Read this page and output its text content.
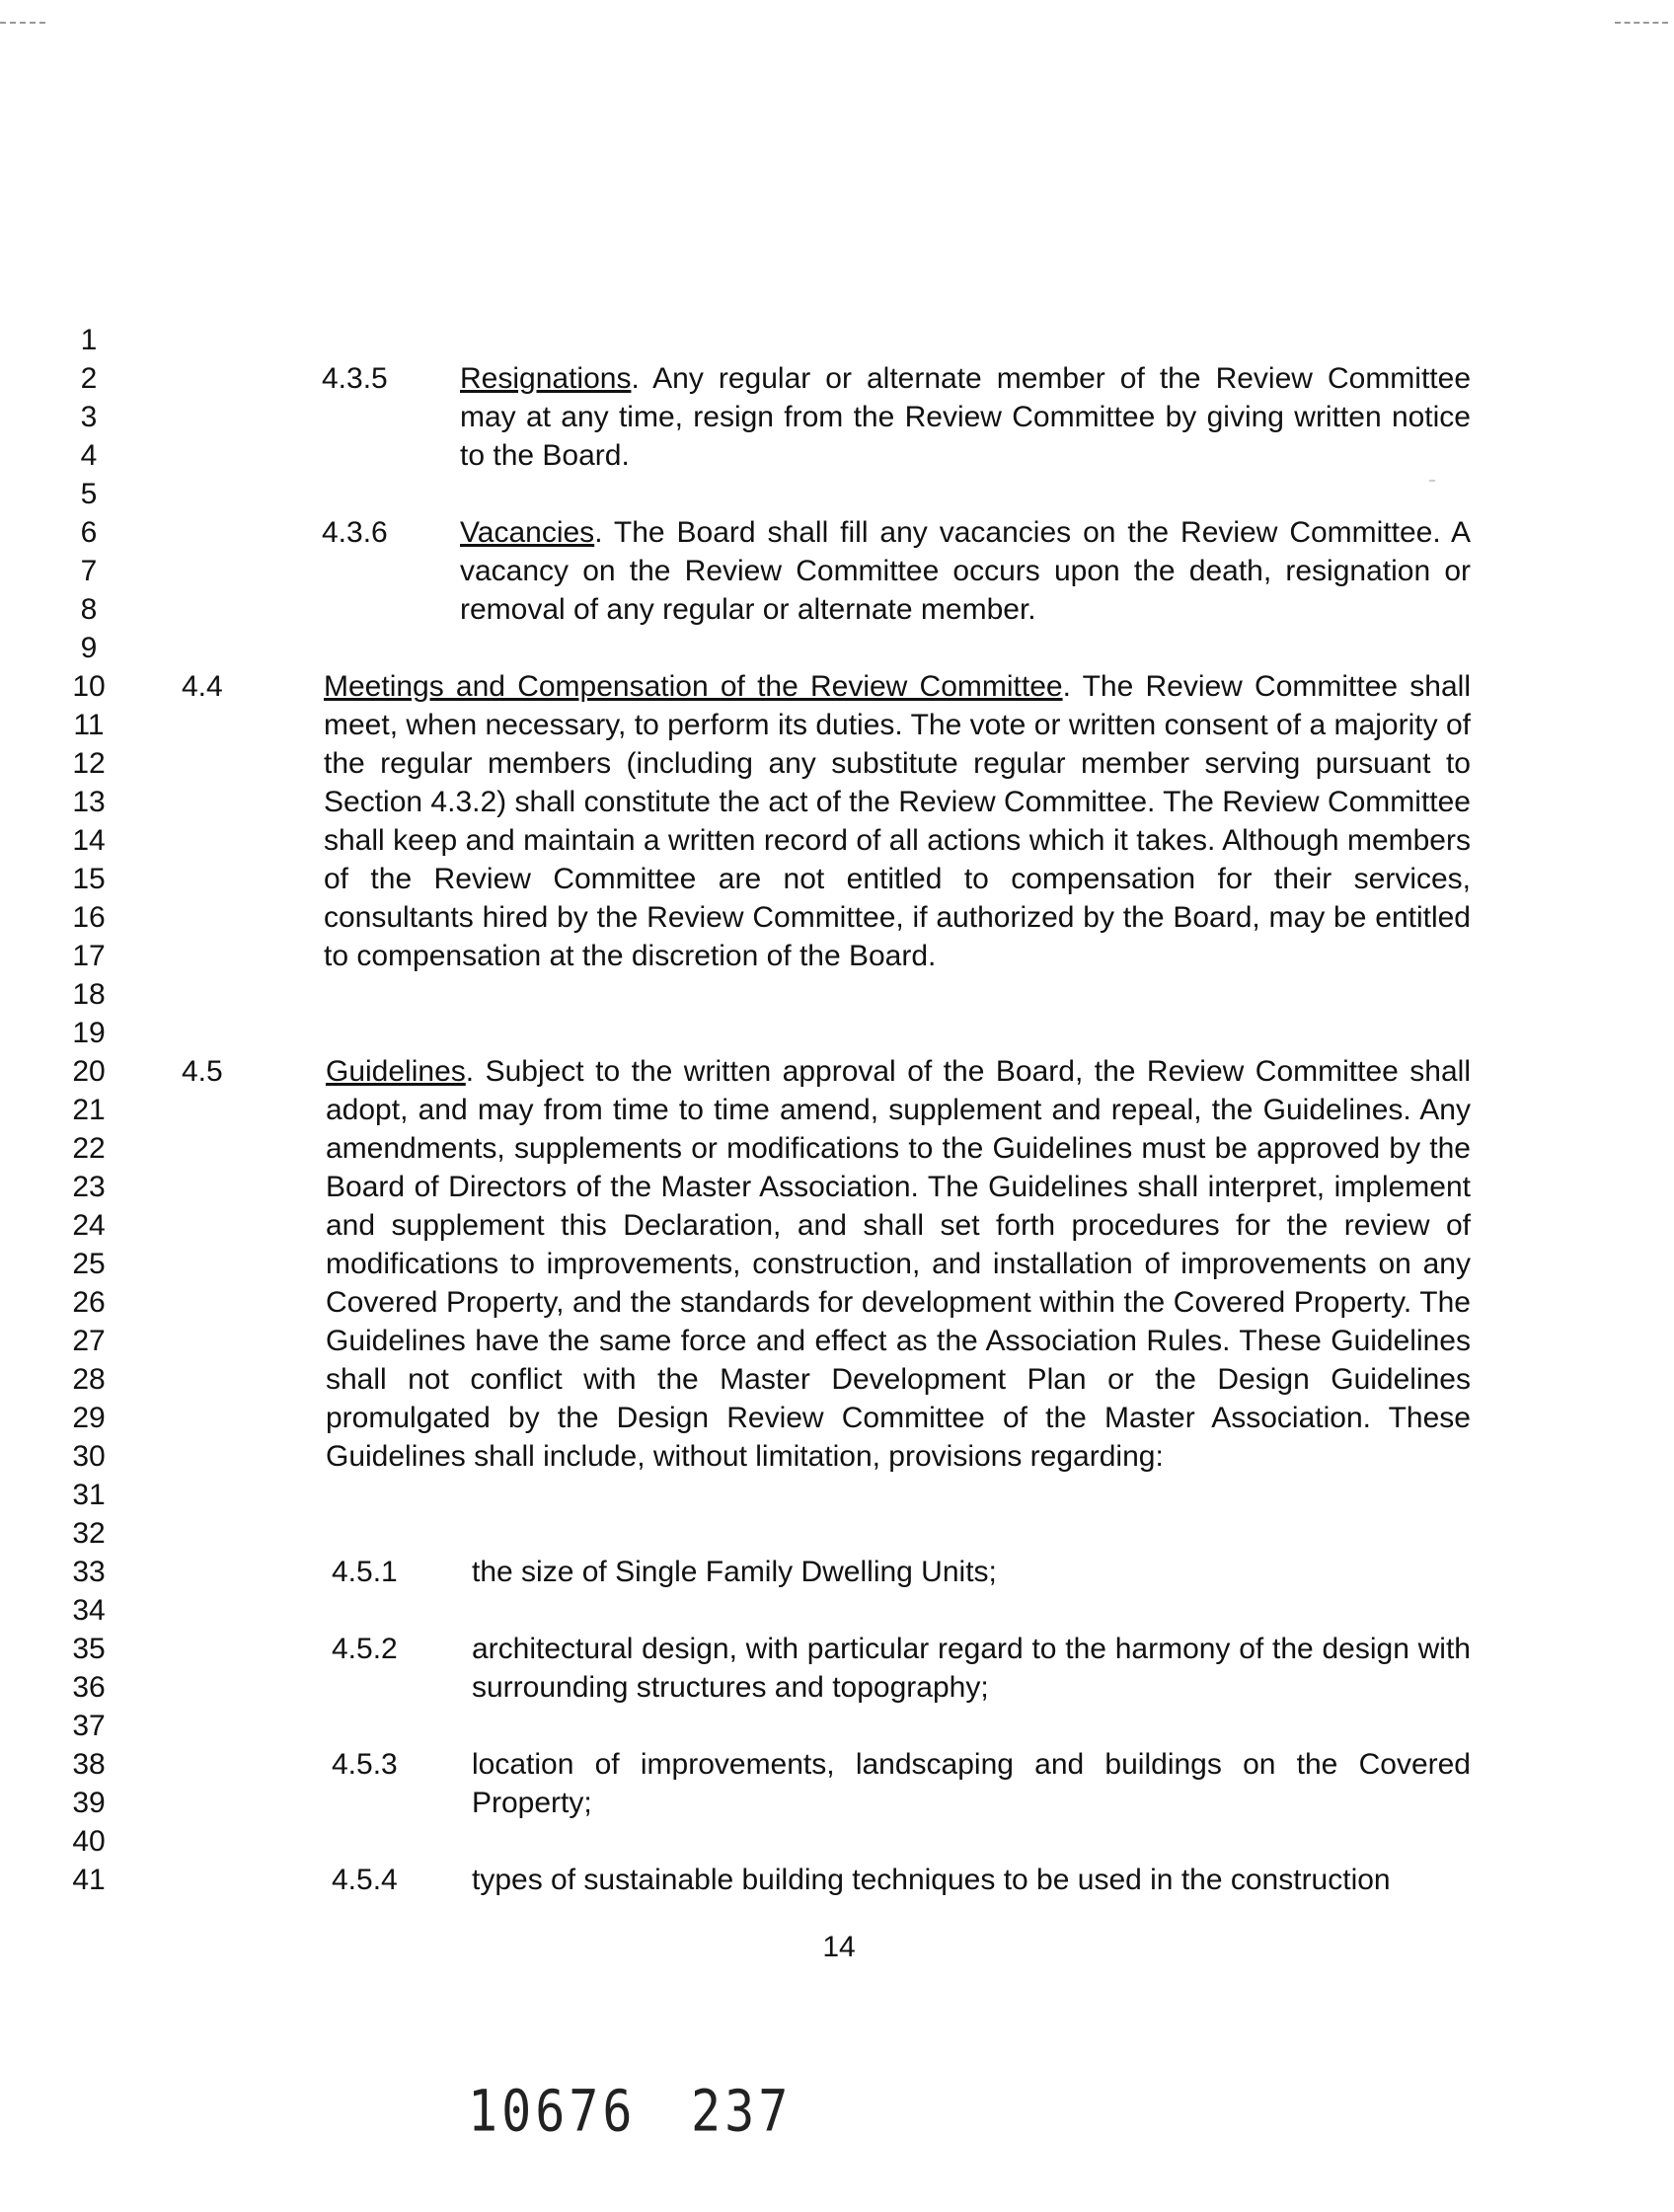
1
2
3
4
5
6
7
8
9
10
11
12
13
14
15
16
17
18
19
20
21
22
23
24
25
26
27
28
29
30
31
32
33
34
35
36
37
38
39
40
41
4.3.5 Resignations. Any regular or alternate member of the Review Committee may at any time, resign from the Review Committee by giving written notice to the Board.
4.3.6 Vacancies. The Board shall fill any vacancies on the Review Committee. A vacancy on the Review Committee occurs upon the death, resignation or removal of any regular or alternate member.
4.4	Meetings and Compensation of the Review Committee. The Review Committee shall meet, when necessary, to perform its duties. The vote or written consent of a majority of the regular members (including any substitute regular member serving pursuant to Section 4.3.2) shall constitute the act of the Review Committee. The Review Committee shall keep and maintain a written record of all actions which it takes. Although members of the Review Committee are not entitled to compensation for their services, consultants hired by the Review Committee, if authorized by the Board, may be entitled to compensation at the discretion of the Board.
4.5	Guidelines. Subject to the written approval of the Board, the Review Committee shall adopt, and may from time to time amend, supplement and repeal, the Guidelines. Any amendments, supplements or modifications to the Guidelines must be approved by the Board of Directors of the Master Association. The Guidelines shall interpret, implement and supplement this Declaration, and shall set forth procedures for the review of modifications to improvements, construction, and installation of improvements on any Covered Property, and the standards for development within the Covered Property. The Guidelines have the same force and effect as the Association Rules. These Guidelines shall not conflict with the Master Development Plan or the Design Guidelines promulgated by the Design Review Committee of the Master Association. These Guidelines shall include, without limitation, provisions regarding:
4.5.1	the size of Single Family Dwelling Units;
4.5.2	architectural design, with particular regard to the harmony of the design with surrounding structures and topography;
4.5.3	location of improvements, landscaping and buildings on the Covered Property;
4.5.4	types of sustainable building techniques to be used in the construction
14
10676 237
